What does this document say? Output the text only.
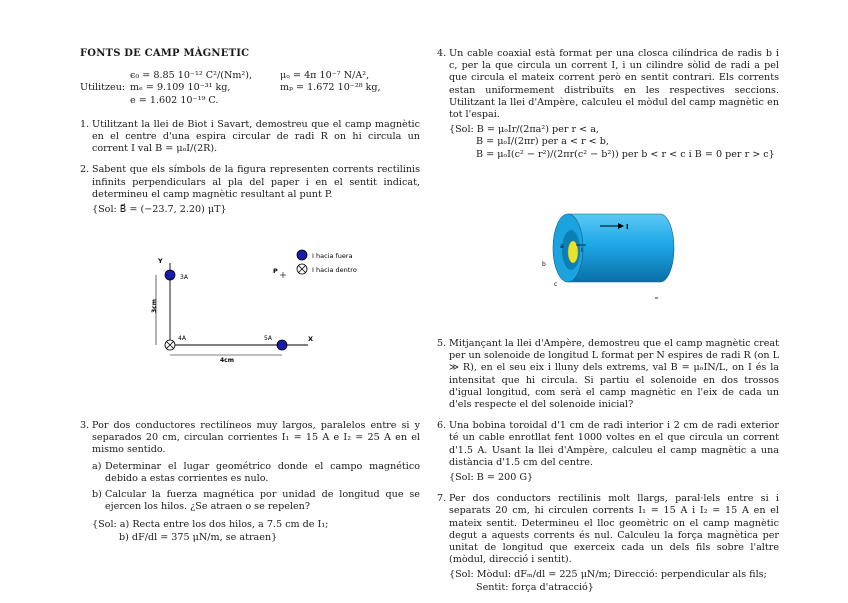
FONTS DE CAMP MÀGNETIC
Utilitzeu:
ϵ₀ = 8.85 10⁻¹² C²/(Nm²),
mₑ = 9.109 10⁻³¹ kg,
e = 1.602 10⁻¹⁹ C.
μₒ = 4π 10⁻⁷ N/A²,
mₚ = 1.672 10⁻²⁸ kg,
1. Utilitzant la llei de Biot i Savart, demostreu que el camp magnètic en el centre d'una espira circular de radi R on hi circula un corrent I val B = μₒI/(2R).
2. Sabent que els símbols de la figura representen corrents rectilinis infinits perpendiculars al pla del paper i en el sentit indicat, determineu el camp magnètic resultant al punt P.
{Sol: B⃗ = (−23.7, 2.20) μT}
I hacia fuera
I hacia dentro
Y
X
3A
P
4A	5A
3cm
4cm
3. Por dos conductores rectilíneos muy largos, paralelos entre si y separados 20 cm, circulan corrientes I₁ = 15 A e I₂ = 25 A en el mismo sentido.
a) Determinar el lugar geométrico donde el campo magnético debido a estas corrientes es nulo.
b) Calcular la fuerza magnética por unidad de longitud que se ejercen los hilos. ¿Se atraen o se repelen?
{Sol: a) Recta entre los dos hilos, a 7.5 cm de I₁;
b) dF/dl = 375 μN/m, se atraen}
4. Un cable coaxial està format per una closca cilíndrica de radis b i c, per la que circula un corrent I, i un cilindre sòlid de radi a pel que circula el mateix corrent però en sentit contrari. Els corrents estan uniformement distribuïts en les respectives seccions. Utilitzant la llei d'Ampère, calculeu el mòdul del camp magnètic en tot l'espai.
{Sol: B = μₒIr/(2πa²) per r < a,
B = μₒI/(2πr) per a < r < b,
B = μₒI(c² − r²)/(2πr(c² − b²)) per b < r < c i B = 0 per r > c}
I
I
a
b
c
5. Mitjançant la llei d'Ampère, demostreu que el camp magnètic creat per un solenoide de longitud L format per N espires de radi R (on L ≫ R), en el seu eix i lluny dels extrems, val B = μₒIN/L, on I és la intensitat que hi circula. Si partiu el solenoide en dos trossos d'igual longitud, com serà el camp magnètic en l'eix de cada un d'els respecte el del solenoide inicial?
6. Una bobina toroidal d'1 cm de radi interior i 2 cm de radi exterior té un cable enrotllat fent 1000 voltes en el que circula un corrent d'1.5 A. Usant la llei d'Ampère, calculeu el camp magnètic a una distància d'1.5 cm del centre.
{Sol: B = 200 G}
7. Per dos conductors rectilinis molt llargs, paral·lels entre si i separats 20 cm, hi circulen corrents I₁ = 15 A i I₂ = 15 A en el mateix sentit. Determineu el lloc geomètric on el camp magnètic degut a aquests corrents és nul. Calculeu la força magnètica per unitat de longitud que exerceix cada un dels fils sobre l'altre (mòdul, direcció i sentit).
{Sol: Mòdul: dFₘ/dl = 225 μN/m; Direcció: perpendicular als fils;
Sentit: força d'atracció}
